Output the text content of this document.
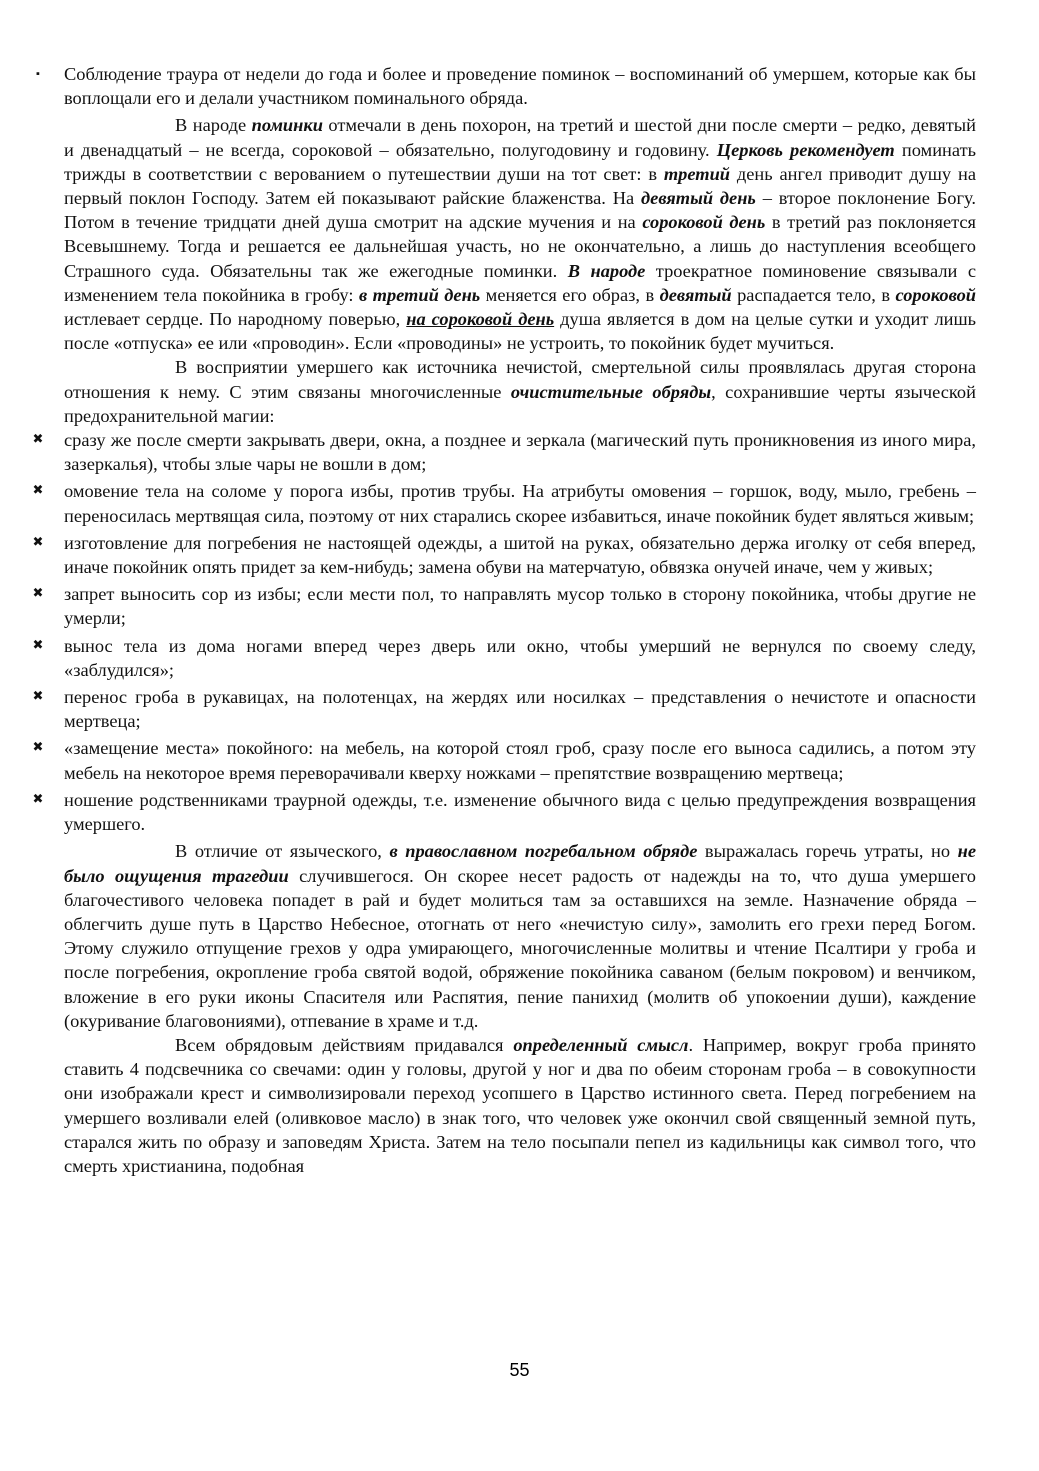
▪ Соблюдение траура от недели до года и более и проведение поминок – воспоминаний об умершем, которые как бы воплощали его и делали участником поминального обряда.

В народе поминки отмечали в день похорон, на третий и шестой дни после смерти – редко, девятый и двенадцатый – не всегда, сороковой – обязательно, полугодовину и годовину. Церковь рекомендует поминать трижды в соответствии с верованием о путешествии души на тот свет: в третий день ангел приводит душу на первый поклон Господу. Затем ей показывают райские блаженства. На девятый день – второе поклонение Богу. Потом в течение тридцати дней душа смотрит на адские мучения и на сороковой день в третий раз поклоняется Всевышнему. Тогда и решается ее дальнейшая участь, но не окончательно, а лишь до наступления всеобщего Страшного суда. Обязательны так же ежегодные поминки. В народе троекратное поминовение связывали с изменением тела покойника в гробу: в третий день меняется его образ, в девятый распадается тело, в сороковой истлевает сердце. По народному поверью, на сороковой день душа является в дом на целые сутки и уходит лишь после «отпуска» ее или «проводин». Если «проводины» не устроить, то покойник будет мучиться.

В восприятии умершего как источника нечистой, смертельной силы проявлялась другая сторона отношения к нему. С этим связаны многочисленные очистительные обряды, сохранившие черты языческой предохранительной магии:

✖ сразу же после смерти закрывать двери, окна, а позднее и зеркала (магический путь проникновения из иного мира, зазеркалья), чтобы злые чары не вошли в дом;
✖ омовение тела на соломе у порога избы, против трубы. На атрибуты омовения – горшок, воду, мыло, гребень – переносилась мертвящая сила, поэтому от них старались скорее избавиться, иначе покойник будет являться живым;
✖ изготовление для погребения не настоящей одежды, а шитой на руках, обязательно держа иголку от себя вперед, иначе покойник опять придет за кем-нибудь; замена обуви на матерчатую, обвязка онучей иначе, чем у живых;
✖ запрет выносить сор из избы; если мести пол, то направлять мусор только в сторону покойника, чтобы другие не умерли;
✖ вынос тела из дома ногами вперед через дверь или окно, чтобы умерший не вернулся по своему следу, «заблудился»;
✖ перенос гроба в рукавицах, на полотенцах, на жердях или носилках – представления о нечистоте и опасности мертвеца;
✖ «замещение места» покойного: на мебель, на которой стоял гроб, сразу после его выноса садились, а потом эту мебель на некоторое время переворачивали кверху ножками – препятствие возвращению мертвеца;
✖ ношение родственниками траурной одежды, т.е. изменение обычного вида с целью предупреждения возвращения умершего.

В отличие от языческого, в православном погребальном обряде выражалась горечь утраты, но не было ощущения трагедии случившегося. Он скорее несет радость от надежды на то, что душа умершего благочестивого человека попадет в рай и будет молиться там за оставшихся на земле. Назначение обряда – облегчить душе путь в Царство Небесное, отогнать от него «нечистую силу», замолить его грехи перед Богом. Этому служило отпущение грехов у одра умирающего, многочисленные молитвы и чтение Псалтири у гроба и после погребения, окропление гроба святой водой, обряжение покойника саваном (белым покровом) и венчиком, вложение в его руки иконы Спасителя или Распятия, пение панихид (молитв об упокоении души), каждение (окуривание благовониями), отпевание в храме и т.д.

Всем обрядовым действиям придавался определенный смысл. Например, вокруг гроба принято ставить 4 подсвечника со свечами: один у головы, другой у ног и два по обеим сторонам гроба – в совокупности они изображали крест и символизировали переход усопшего в Царство истинного света. Перед погребением на умершего возливали елей (оливковое масло) в знак того, что человек уже окончил свой священный земной путь, старался жить по образу и заповедям Христа. Затем на тело посыпали пепел из кадильницы как символ того, что смерть христианина, подобная

55
